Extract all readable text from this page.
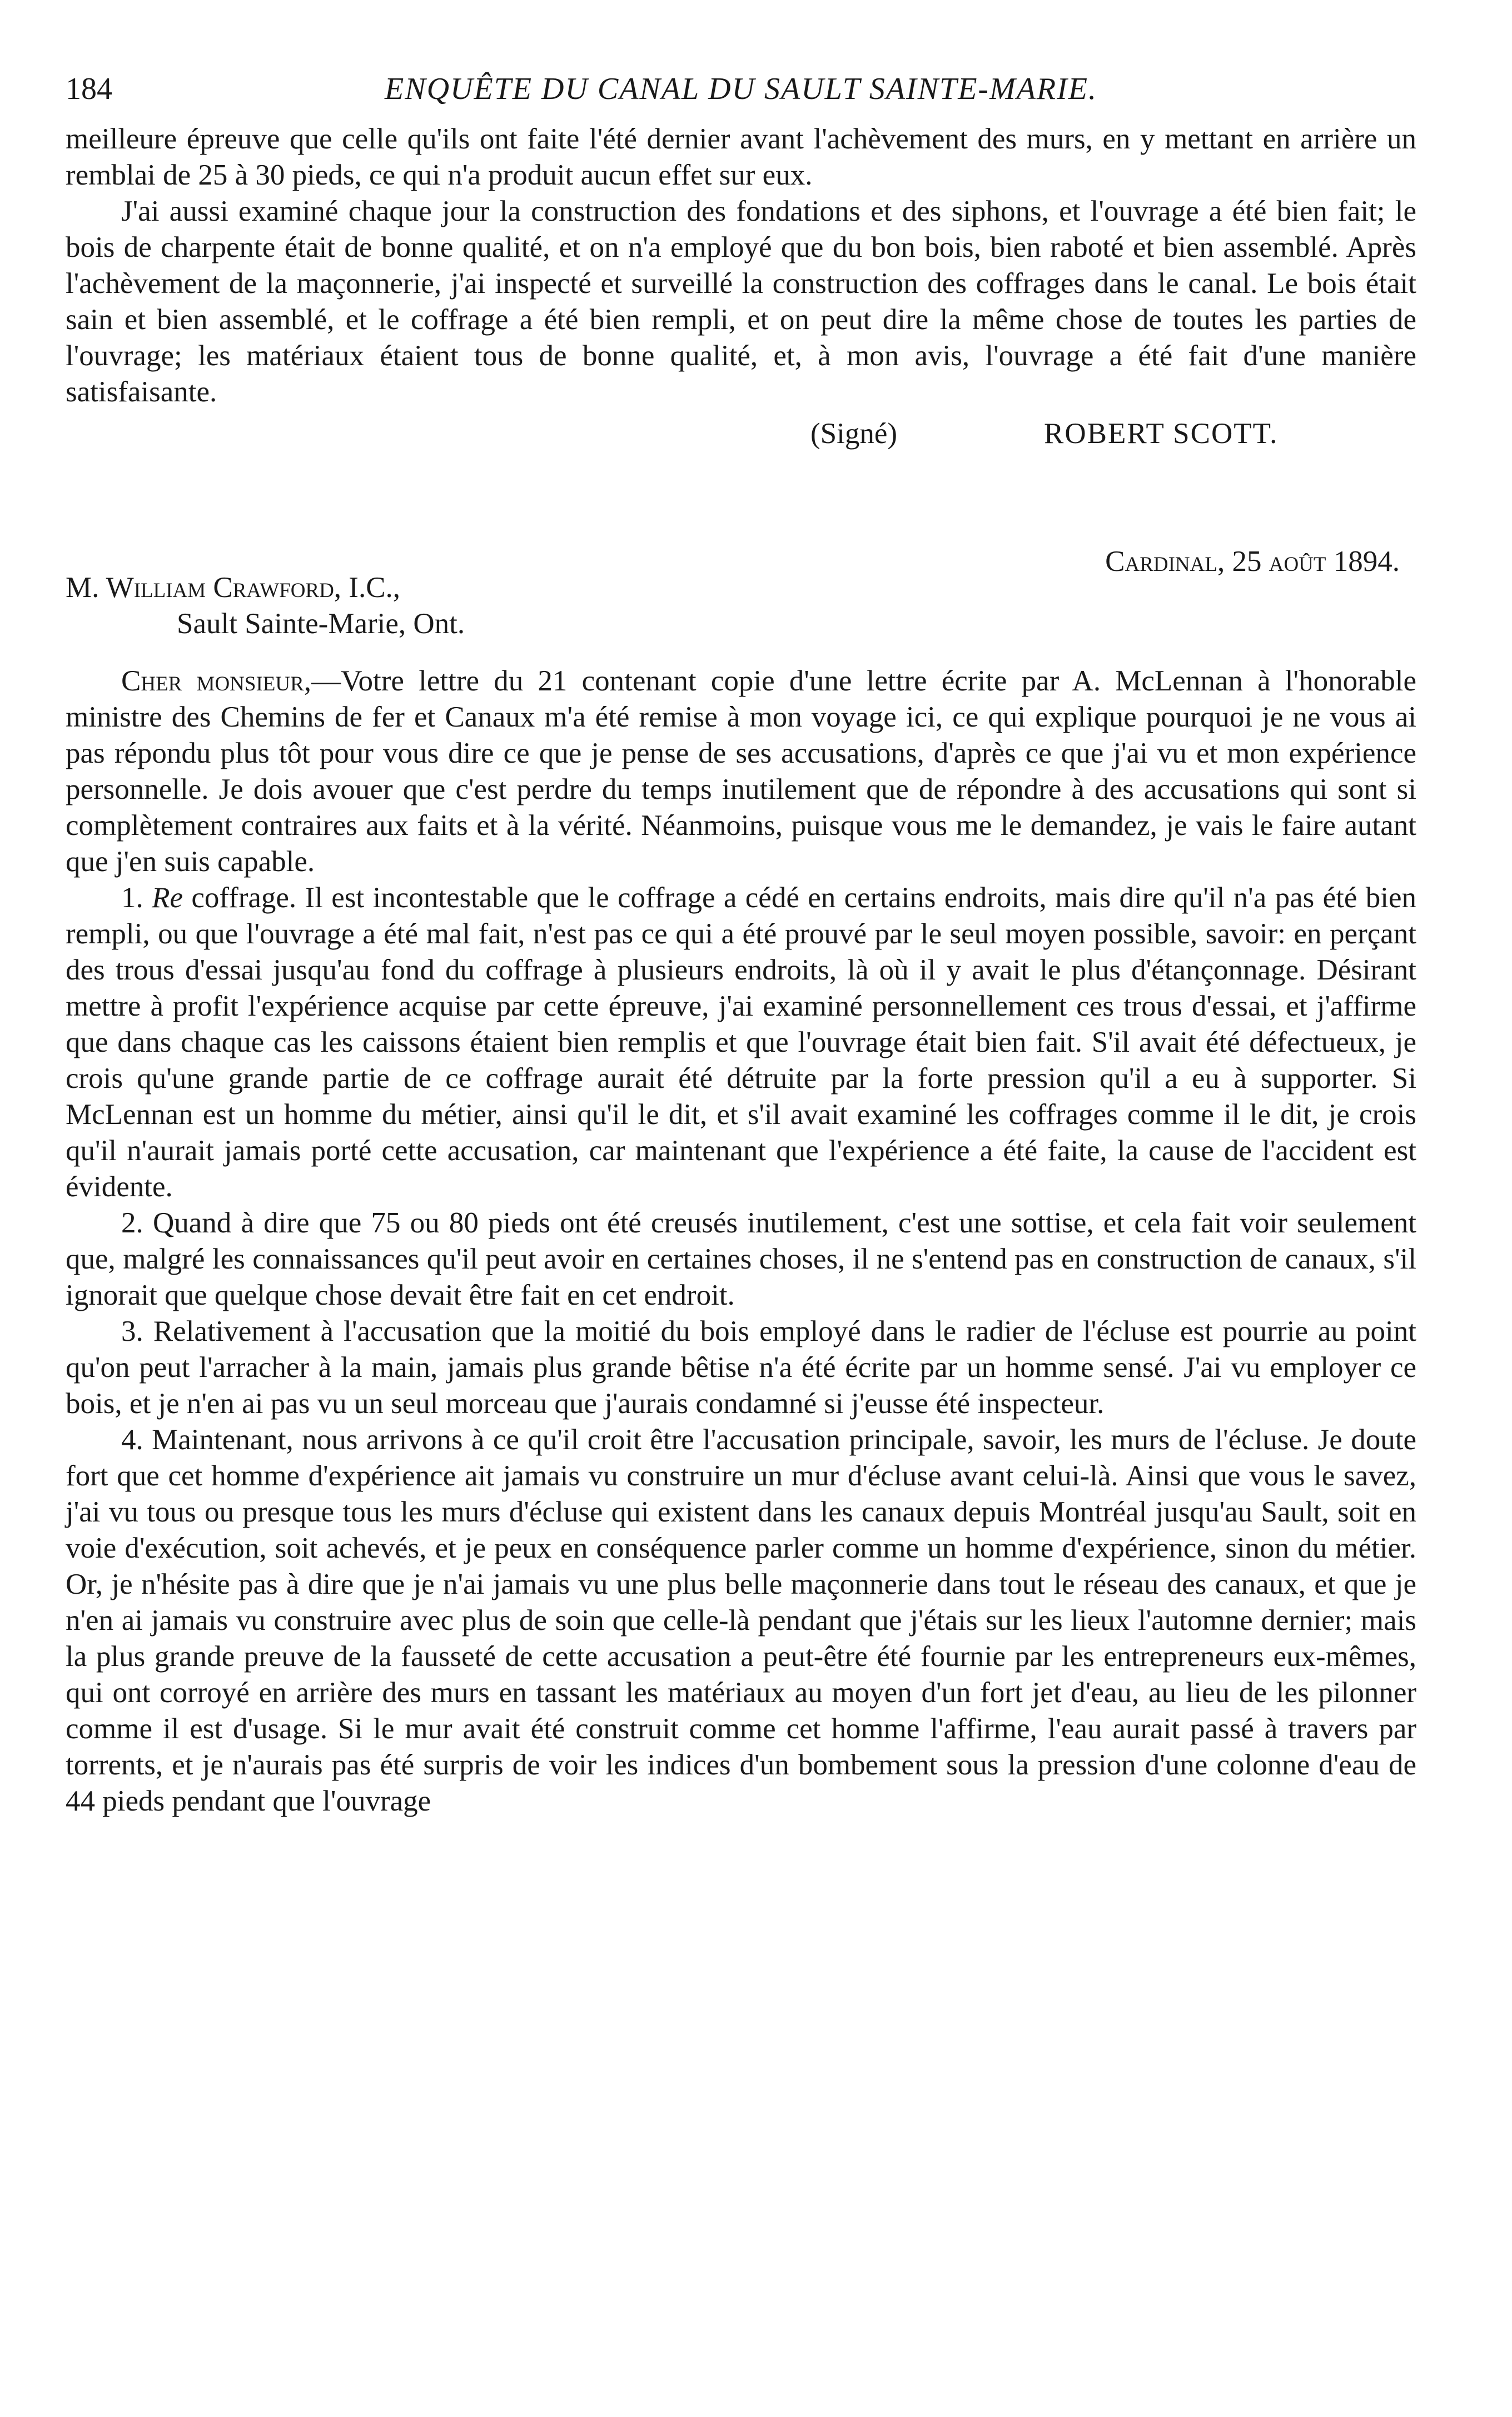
184	ENQUÊTE DU CANAL DU SAULT SAINTE-MARIE.

meilleure épreuve que celle qu'ils ont faite l'été dernier avant l'achèvement des murs, en y mettant en arrière un remblai de 25 à 30 pieds, ce qui n'a produit aucun effet sur eux.

J'ai aussi examiné chaque jour la construction des fondations et des siphons, et l'ouvrage a été bien fait; le bois de charpente était de bonne qualité, et on n'a employé que du bon bois, bien raboté et bien assemblé. Après l'achèvement de la maçonnerie, j'ai inspecté et surveillé la construction des coffrages dans le canal. Le bois était sain et bien assemblé, et le coffrage a été bien rempli, et on peut dire la même chose de toutes les parties de l'ouvrage; les matériaux étaient tous de bonne qualité, et, à mon avis, l'ouvrage a été fait d'une manière satisfaisante.

(Signé)	ROBERT SCOTT.
Cardinal, 25 août 1894.
M. William Crawford, I.C.,
Sault Sainte-Marie, Ont.

Cher monsieur,—Votre lettre du 21 contenant copie d'une lettre écrite par A. McLennan à l'honorable ministre des Chemins de fer et Canaux m'a été remise à mon voyage ici, ce qui explique pourquoi je ne vous ai pas répondu plus tôt pour vous dire ce que je pense de ses accusations, d'après ce que j'ai vu et mon expérience personnelle. Je dois avouer que c'est perdre du temps inutilement que de répondre à des accusations qui sont si complètement contraires aux faits et à la vérité. Néanmoins, puisque vous me le demandez, je vais le faire autant que j'en suis capable.

1. Re coffrage. Il est incontestable que le coffrage a cédé en certains endroits, mais dire qu'il n'a pas été bien rempli, ou que l'ouvrage a été mal fait, n'est pas ce qui a été prouvé par le seul moyen possible, savoir: en perçant des trous d'essai jusqu'au fond du coffrage à plusieurs endroits, là où il y avait le plus d'étançonnage. Désirant mettre à profit l'expérience acquise par cette épreuve, j'ai examiné personnellement ces trous d'essai, et j'affirme que dans chaque cas les caissons étaient bien remplis et que l'ouvrage était bien fait. S'il avait été défectueux, je crois qu'une grande partie de ce coffrage aurait été détruite par la forte pression qu'il a eu à supporter. Si McLennan est un homme du métier, ainsi qu'il le dit, et s'il avait examiné les coffrages comme il le dit, je crois qu'il n'aurait jamais porté cette accusation, car maintenant que l'expérience a été faite, la cause de l'accident est évidente.

2. Quand à dire que 75 ou 80 pieds ont été creusés inutilement, c'est une sottise, et cela fait voir seulement que, malgré les connaissances qu'il peut avoir en certaines choses, il ne s'entend pas en construction de canaux, s'il ignorait que quelque chose devait être fait en cet endroit.

3. Relativement à l'accusation que la moitié du bois employé dans le radier de l'écluse est pourrie au point qu'on peut l'arracher à la main, jamais plus grande bêtise n'a été écrite par un homme sensé. J'ai vu employer ce bois, et je n'en ai pas vu un seul morceau que j'aurais condamné si j'eusse été inspecteur.

4. Maintenant, nous arrivons à ce qu'il croit être l'accusation principale, savoir, les murs de l'écluse. Je doute fort que cet homme d'expérience ait jamais vu construire un mur d'écluse avant celui-là. Ainsi que vous le savez, j'ai vu tous ou presque tous les murs d'écluse qui existent dans les canaux depuis Montréal jusqu'au Sault, soit en voie d'exécution, soit achevés, et je peux en conséquence parler comme un homme d'expérience, sinon du métier. Or, je n'hésite pas à dire que je n'ai jamais vu une plus belle maçonnerie dans tout le réseau des canaux, et que je n'en ai jamais vu construire avec plus de soin que celle-là pendant que j'étais sur les lieux l'automne dernier; mais la plus grande preuve de la fausseté de cette accusation a peut-être été fournie par les entrepreneurs eux-mêmes, qui ont corroyé en arrière des murs en tassant les matériaux au moyen d'un fort jet d'eau, au lieu de les pilonner comme il est d'usage. Si le mur avait été construit comme cet homme l'affirme, l'eau aurait passé à travers par torrents, et je n'aurais pas été surpris de voir les indices d'un bombement sous la pression d'une colonne d'eau de 44 pieds pendant que l'ouvrage
